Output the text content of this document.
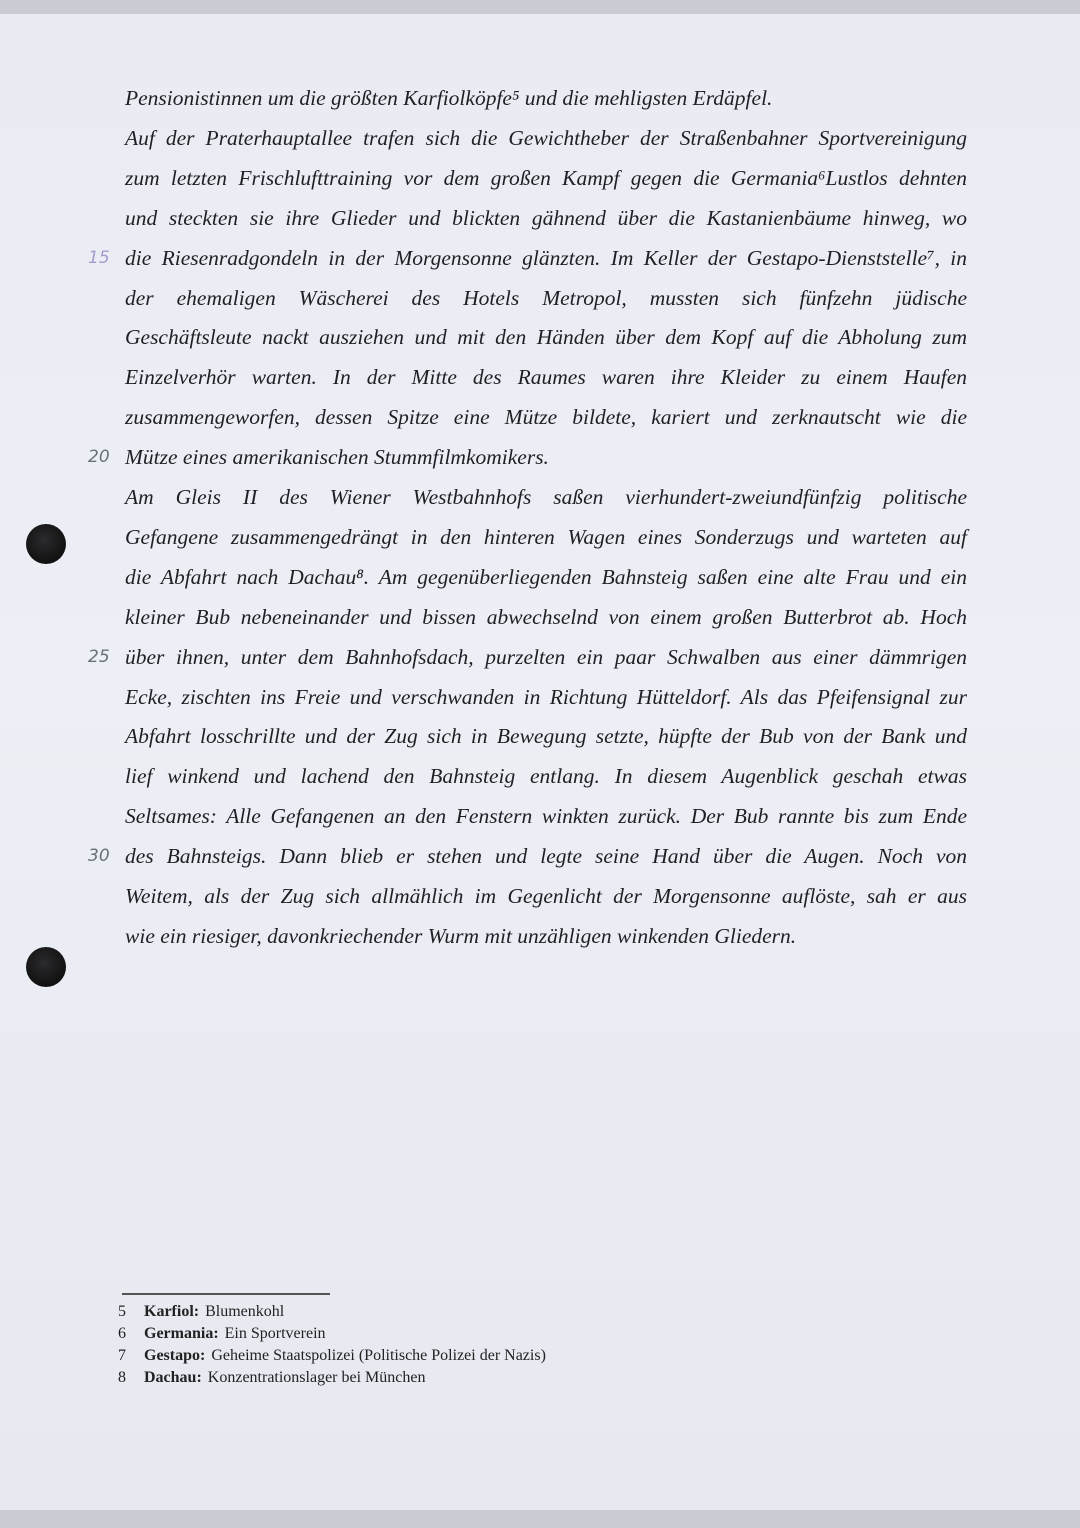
Pensionistinnen um die größten Karfiolköpfe⁵ und die mehligsten Erdäpfel.
Auf der Praterhauptallee trafen sich die Gewichtheber der Straßenbahner Sportvereinigung
zum letzten Frischlufttraining vor dem großen Kampf gegen die Germania⁶Lustlos dehnten
und steckten sie ihre Glieder und blickten gähnend über die Kastanienbäume hinweg, wo
die Riesenradgondeln in der Morgensonne glänzten. Im Keller der Gestapo-Dienststelle⁷, in
der ehemaligen Wäscherei des Hotels Metropol, mussten sich fünfzehn jüdische
Geschäftsleute nackt ausziehen und mit den Händen über dem Kopf auf die Abholung zum
Einzelverhör warten. In der Mitte des Raumes waren ihre Kleider zu einem Haufen
zusammengeworfen, dessen Spitze eine Mütze bildete, kariert und zerknautscht wie die
Mütze eines amerikanischen Stummfilmkomikers.
Am Gleis II des Wiener Westbahnhofs saßen vierhundert-zweiundfünfzig politische
Gefangene zusammengedrängt in den hinteren Wagen eines Sonderzugs und warteten auf
die Abfahrt nach Dachau⁸. Am gegenüberliegenden Bahnsteig saßen eine alte Frau und ein
kleiner Bub nebeneinander und bissen abwechselnd von einem großen Butterbrot ab. Hoch
über ihnen, unter dem Bahnhofsdach, purzelten ein paar Schwalben aus einer dämmrigen
Ecke, zischten ins Freie und verschwanden in Richtung Hütteldorf. Als das Pfeifensignal zur
Abfahrt losschrillte und der Zug sich in Bewegung setzte, hüpfte der Bub von der Bank und
lief winkend und lachend den Bahnsteig entlang. In diesem Augenblick geschah etwas
Seltsames: Alle Gefangenen an den Fenstern winkten zurück. Der Bub rannte bis zum Ende
des Bahnsteigs. Dann blieb er stehen und legte seine Hand über die Augen. Noch von
Weitem, als der Zug sich allmählich im Gegenlicht der Morgensonne auflöste, sah er aus
wie ein riesiger, davonkriechender Wurm mit unzähligen winkenden Gliedern.
15
20
25
30
5	Karfiol: Blumenkohl
6	Germania: Ein Sportverein
7	Gestapo: Geheime Staatspolizei (Politische Polizei der Nazis)
8	Dachau: Konzentrationslager bei München
